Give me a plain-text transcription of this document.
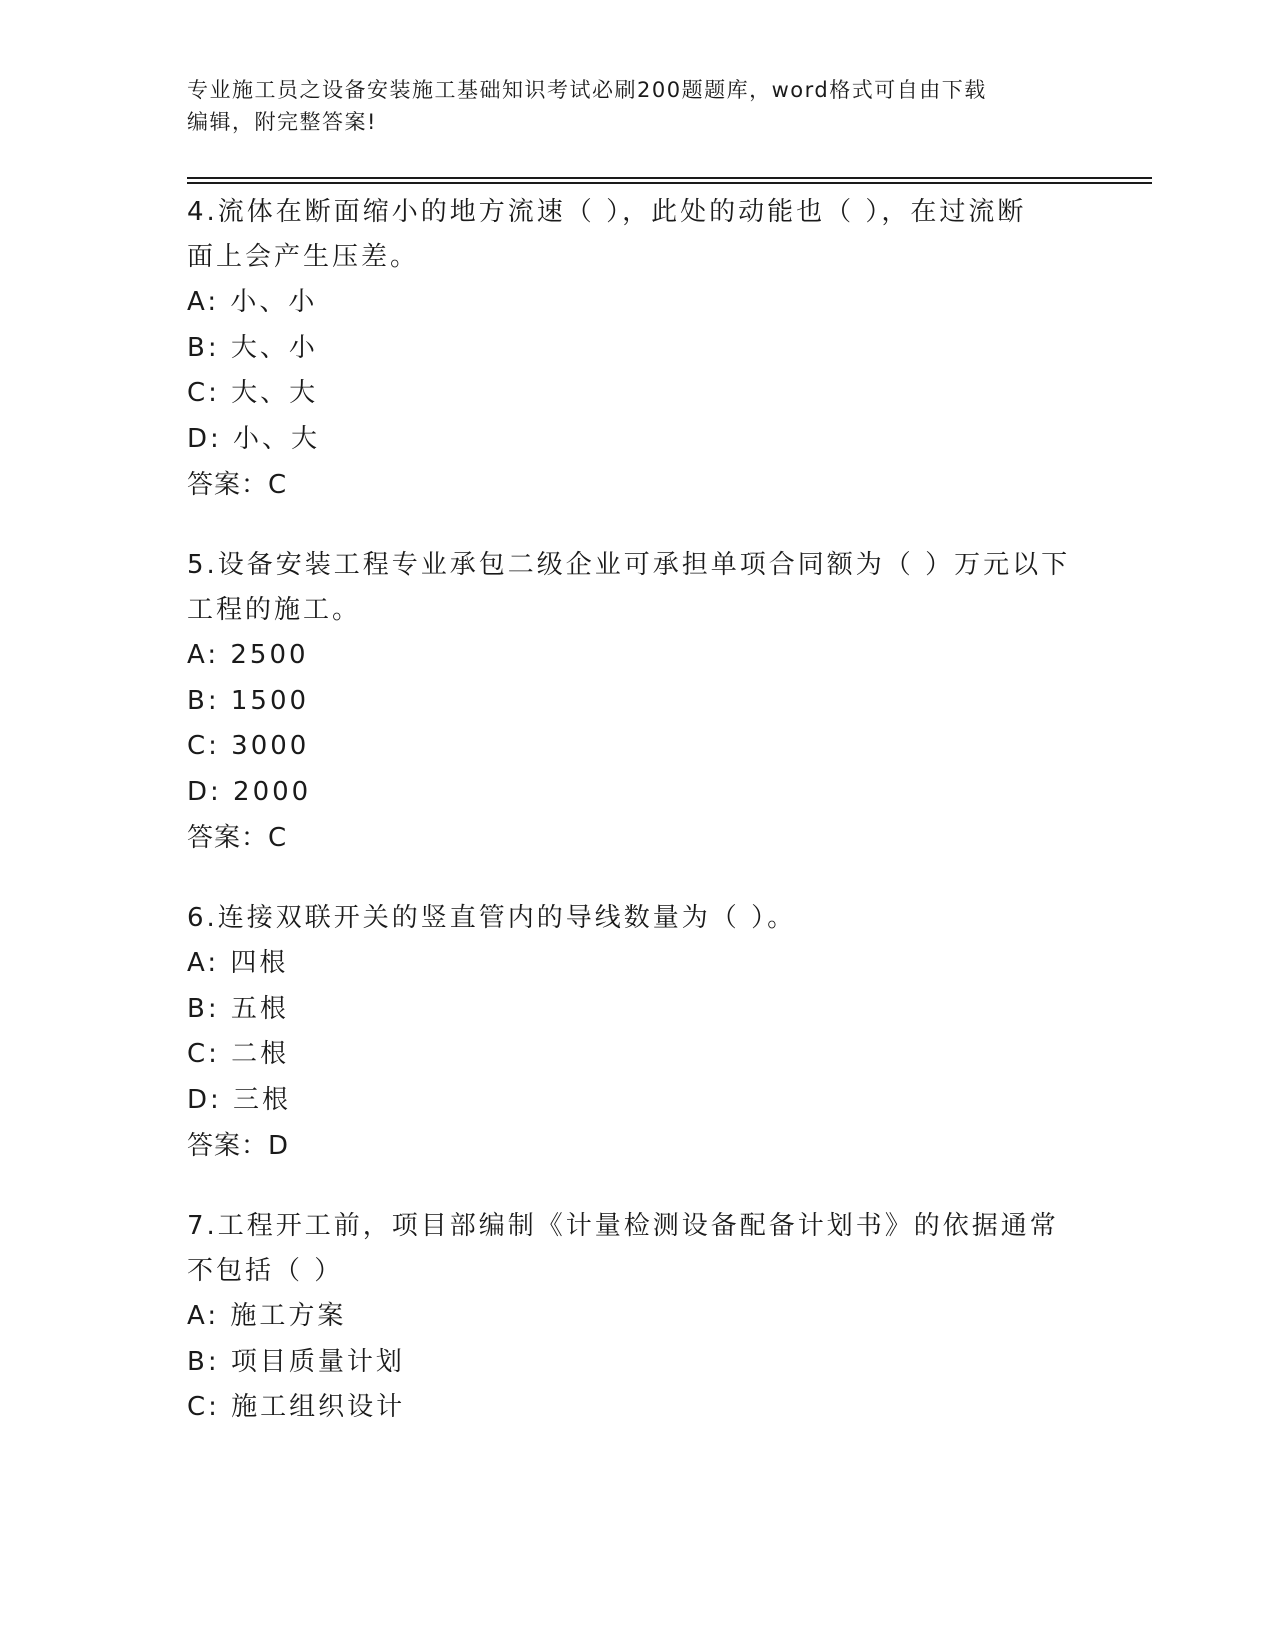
专业施工员之设备安装施工基础知识考试必刷200题题库，word格式可自由下载
编辑，附完整答案!
4.流体在断面缩小的地方流速（ ），此处的动能也（ ），在过流断
面上会产生压差。
A: 小、小
B: 大、小
C: 大、大
D: 小、大
答案：C
5.设备安装工程专业承包二级企业可承担单项合同额为（ ）万元以下
工程的施工。
A: 2500
B: 1500
C: 3000
D: 2000
答案：C
6.连接双联开关的竖直管内的导线数量为（ ）。
A: 四根
B: 五根
C: 二根
D: 三根
答案：D
7.工程开工前，项目部编制《计量检测设备配备计划书》的依据通常
不包括（ ）
A: 施工方案
B: 项目质量计划
C: 施工组织设计
